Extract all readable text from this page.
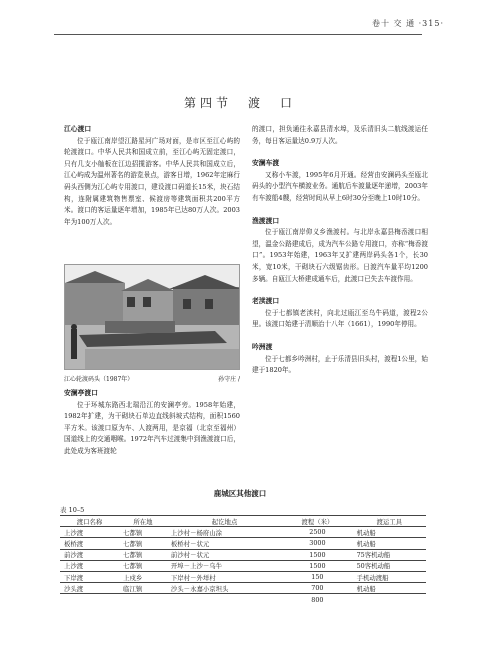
卷十 交 通 ·315·
第四节　渡　口

江心渡口

位于瓯江南岸望江路星河广场对面，是市区至江心屿的轮渡渡口。中华人民共和国成立前，至江心屿无固定渡口，只有几支小舢板在江边招揽游客。中华人民共和国成立后，江心屿成为温州著名的游览景点，游客日增，1962年定麻行码头西侧为江心屿专用渡口，建设渡口码道长15米，块石结构，连附属建筑物售票室、候渡房等建筑面积共200平方米。渡口的客运量逐年增加，1985年已达80万人次。2003年为100万人次。

江心轮渡码头（1987年）	孙守庄 /

安澜亭渡口

位于环城东路西北瑞沿江的安澜亭旁。1958年始建，1982年扩建，为干砌块石单边直线斜坡式结构，面积1560平方米。该渡口原为车、人渡两用，是京福（北京至福州）国道线上的交通咽喉。1972年汽车过渡集中到渔渡渡口后，此处成为客班渡轮

的渡口，担负通往永嘉县清水埠，及乐清旧头二航线渡运任务，每日客运量达0.9万人次。

安澜车渡

又称小车渡，1995年6月开通。经营由安澜码头至瓯北码头的小型汽车横渡业务。通航后车渡量逐年递增，2003年有车渡船4艘，经营时间从早上6时30分至晚上10时10分。

渔渡渡口

位于瓯江南岸仰义乡渔渡村。与北岸永嘉县梅岙渡口相望，温金公路建成后，成为汽车公路专用渡口，亦称“梅岙渡口”。1953年始建，1963年又扩建两岸码头各1个，长30米，宽10米，干砌块石六级锯齿形。日渡汽车量平均1200多辆。自瓯江大桥建成通车后，此渡口已失去车渡作用。

老渎渡口

位于七都镇老渎村，向北过瓯江至乌牛码道，渡程2公里。该渡口始建于清顺治十八年（1661），1990年停用。

吟洲渡

位于七都乡吟洲村，止于乐清县旧头村，渡程1公里，始建于1820年。

鹿城区其他渡口
表 10–5
渡口名称	所在地	起讫地点	渡程（米）	渡运工具
上沙渡	七都镇	上沙村－杨府山涂	2500	机动船
板桥渡	七都镇	板桥村－状元	3000	机动船
前沙渡	七都镇	前沙村－状元	1500	75客机动船
上沙渡	七都镇	开埠－上沙－乌牛	1500	50客机动船
下岸渡	上戍乡	下岸村－外垟村	150	手机动渡船
沙头渡	临江镇	沙头－永嘉小京坦头	700	机动船
			800	
